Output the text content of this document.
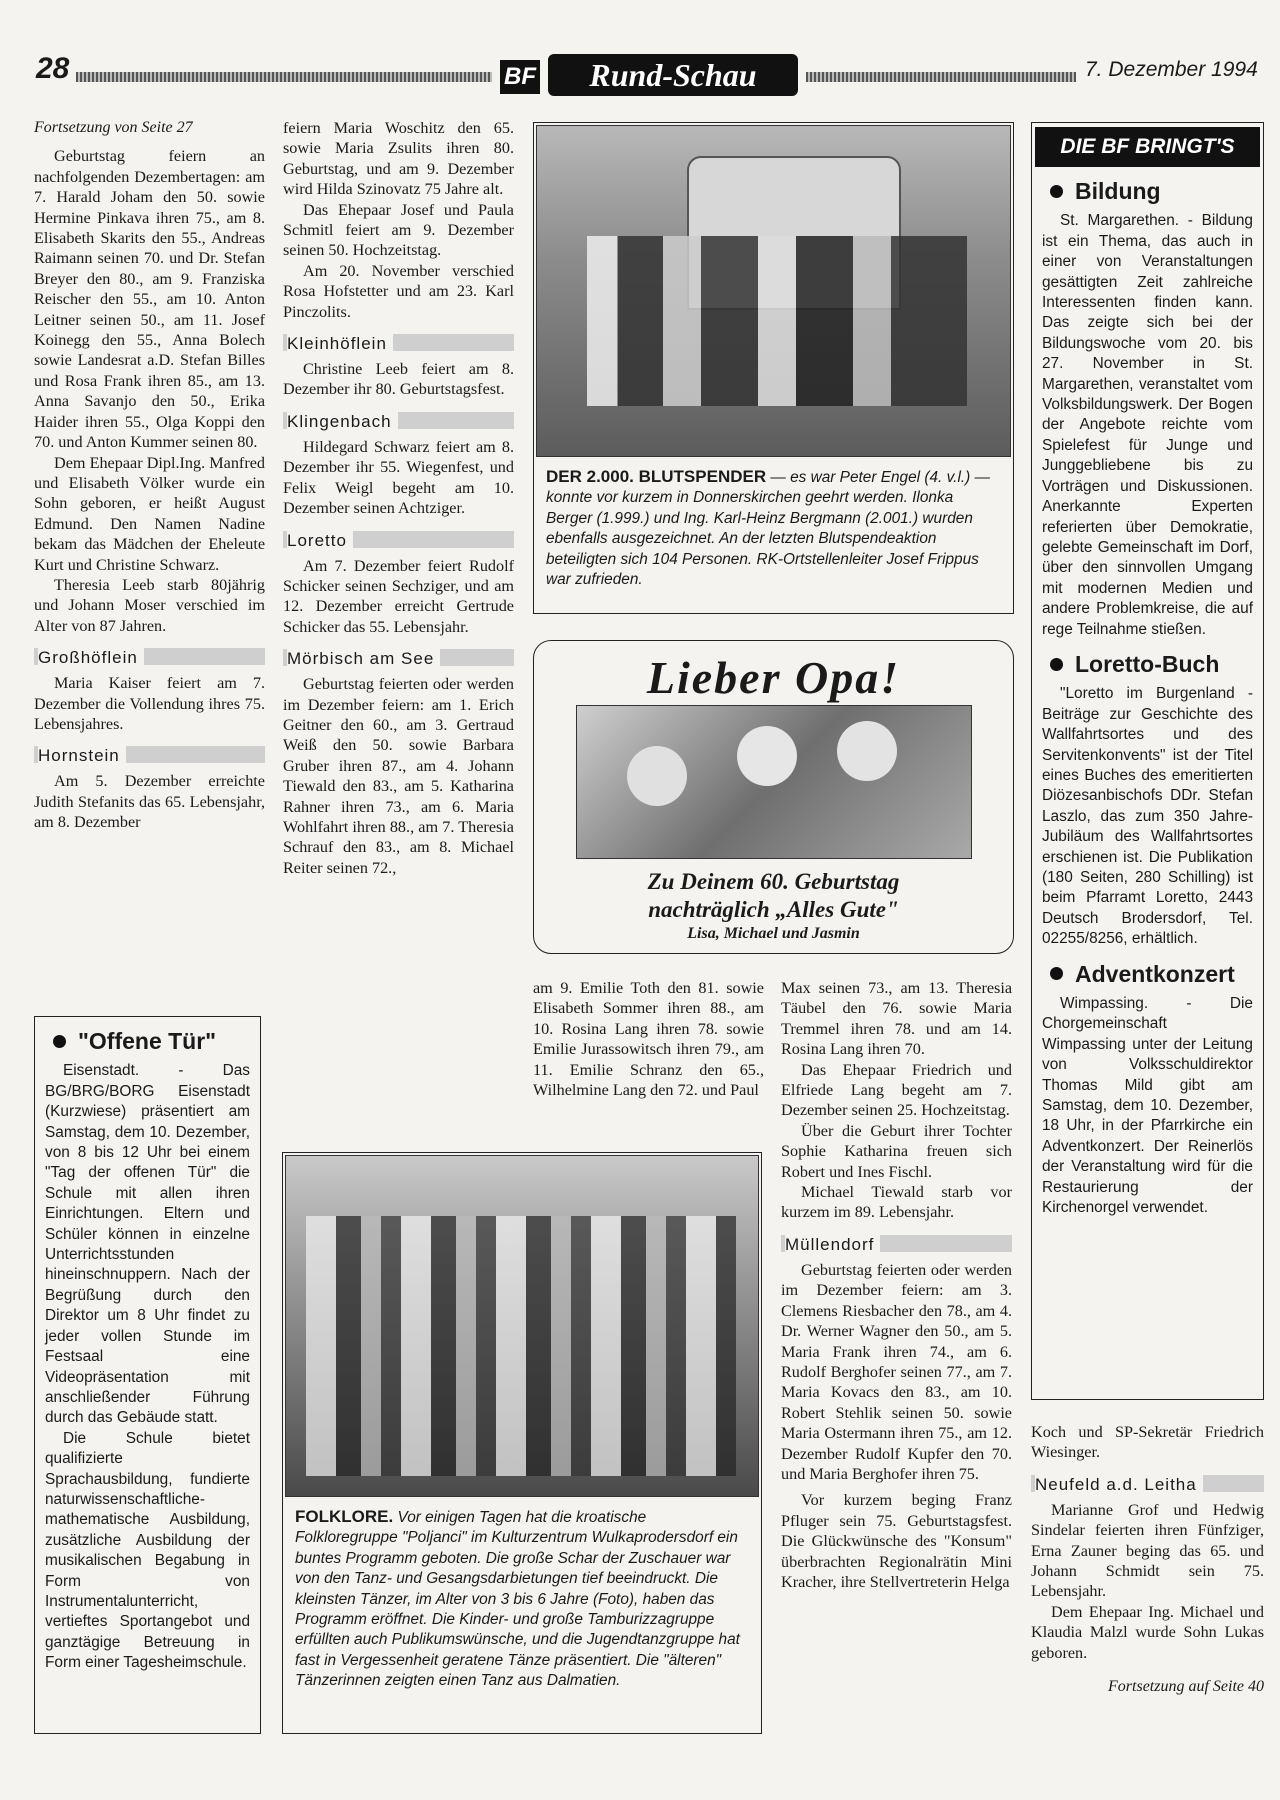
28	BF	Rund-Schau	7. Dezember 1994

Fortsetzung von Seite 27

Geburtstag feiern an nachfolgenden Dezembertagen: am 7. Harald Joham den 50. sowie Hermine Pinkava ihren 75., am 8. Elisabeth Skarits den 55., Andreas Raimann seinen 70. und Dr. Stefan Breyer den 80., am 9. Franziska Reischer den 55., am 10. Anton Leitner seinen 50., am 11. Josef Koinegg den 55., Anna Bolech sowie Landesrat a.D. Stefan Billes und Rosa Frank ihren 85., am 13. Anna Savanjo den 50., Erika Haider ihren 55., Olga Koppi den 70. und Anton Kummer seinen 80.

Dem Ehepaar Dipl.Ing. Manfred und Elisabeth Völker wurde ein Sohn geboren, er heißt August Edmund. Den Namen Nadine bekam das Mädchen der Eheleute Kurt und Christine Schwarz.

Theresia Leeb starb 80jährig und Johann Moser verschied im Alter von 87 Jahren.

Großhöflein

Maria Kaiser feiert am 7. Dezember die Vollendung ihres 75. Lebensjahres.

Hornstein

Am 5. Dezember erreichte Judith Stefanits das 65. Lebensjahr, am 8. Dezember

feiern Maria Woschitz den 65. sowie Maria Zsulits ihren 80. Geburtstag, und am 9. Dezember wird Hilda Szinovatz 75 Jahre alt.

Das Ehepaar Josef und Paula Schmitl feiert am 9. Dezember seinen 50. Hochzeitstag.

Am 20. November verschied Rosa Hofstetter und am 23. Karl Pinczolits.

Kleinhöflein

Christine Leeb feiert am 8. Dezember ihr 80. Geburtstagsfest.

Klingenbach

Hildegard Schwarz feiert am 8. Dezember ihr 55. Wiegenfest, und Felix Weigl begeht am 10. Dezember seinen Achtziger.

Loretto

Am 7. Dezember feiert Rudolf Schicker seinen Sechziger, und am 12. Dezember erreicht Gertrude Schicker das 55. Lebensjahr.

Mörbisch am See

Geburtstag feierten oder werden im Dezember feiern: am 1. Erich Geitner den 60., am 3. Gertraud Weiß den 50. sowie Barbara Gruber ihren 87., am 4. Johann Tiewald den 83., am 5. Katharina Rahner ihren 73., am 6. Maria Wohlfahrt ihren 88., am 7. Theresia Schrauf den 83., am 8. Michael Reiter seinen 72.,

DER 2.000. BLUTSPENDER — es war Peter Engel (4. v.l.) — konnte vor kurzem in Donnerskirchen geehrt werden. Ilonka Berger (1.999.) und Ing. Karl-Heinz Bergmann (2.001.) wurden ebenfalls ausgezeichnet. An der letzten Blutspendeaktion beteiligten sich 104 Personen. RK-Ortstellenleiter Josef Frippus war zufrieden.
Lieber Opa!
Zu Deinem 60. Geburtstag
nachträglich „Alles Gute"
Lisa, Michael und Jasmin

am 9. Emilie Toth den 81. sowie Elisabeth Sommer ihren 88., am 10. Rosina Lang ihren 78. sowie Emilie Jurassowitsch ihren 79., am 11. Emilie Schranz den 65., Wilhelmine Lang den 72. und Paul

Max seinen 73., am 13. Theresia Täubel den 76. sowie Maria Tremmel ihren 78. und am 14. Rosina Lang ihren 70.

Das Ehepaar Friedrich und Elfriede Lang begeht am 7. Dezember seinen 25. Hochzeitstag.

Über die Geburt ihrer Tochter Sophie Katharina freuen sich Robert und Ines Fischl.

Michael Tiewald starb vor kurzem im 89. Lebensjahr.

Müllendorf

Geburtstag feierten oder werden im Dezember feiern: am 3. Clemens Riesbacher den 78., am 4. Dr. Werner Wagner den 50., am 5. Maria Frank ihren 74., am 6. Rudolf Berghofer seinen 77., am 7. Maria Kovacs den 83., am 10. Robert Stehlik seinen 50. sowie Maria Ostermann ihren 75., am 12. Dezember Rudolf Kupfer den 70. und Maria Berghofer ihren 75.

Vor kurzem beging Franz Pfluger sein 75. Geburtstagsfest. Die Glückwünsche des "Konsum" überbrachten Regionalrätin Mini Kracher, ihre Stellvertreterin Helga

"Offene Tür"

Eisenstadt. - Das BG/BRG/BORG Eisenstadt (Kurzwiese) präsentiert am Samstag, dem 10. Dezember, von 8 bis 12 Uhr bei einem "Tag der offenen Tür" die Schule mit allen ihren Einrichtungen. Eltern und Schüler können in einzelne Unterrichtsstunden hineinschnuppern. Nach der Begrüßung durch den Direktor um 8 Uhr findet zu jeder vollen Stunde im Festsaal eine Videopräsentation mit anschließender Führung durch das Gebäude statt.

Die Schule bietet qualifizierte Sprachausbildung, fundierte naturwissenschaftliche-mathematische Ausbildung, zusätzliche Ausbildung der musikalischen Begabung in Form von Instrumentalunterricht, vertieftes Sportangebot und ganztägige Betreuung in Form einer Tagesheimschule.

FOLKLORE. Vor einigen Tagen hat die kroatische Folkloregruppe "Poljanci" im Kulturzentrum Wulkaprodersdorf ein buntes Programm geboten. Die große Schar der Zuschauer war von den Tanz- und Gesangsdarbietungen tief beeindruckt. Die kleinsten Tänzer, im Alter von 3 bis 6 Jahre (Foto), haben das Programm eröffnet. Die Kinder- und große Tamburizzagruppe erfüllten auch Publikumswünsche, und die Jugendtanzgruppe hat fast in Vergessenheit geratene Tänze präsentiert. Die "älteren" Tänzerinnen zeigten einen Tanz aus Dalmatien.
DIE BF BRINGT'S
Bildung

St. Margarethen. - Bildung ist ein Thema, das auch in einer von Veranstaltungen gesättigten Zeit zahlreiche Interessenten finden kann. Das zeigte sich bei der Bildungswoche vom 20. bis 27. November in St. Margarethen, veranstaltet vom Volksbildungswerk. Der Bogen der Angebote reichte vom Spielefest für Junge und Junggebliebene bis zu Vorträgen und Diskussionen. Anerkannte Experten referierten über Demokratie, gelebte Gemeinschaft im Dorf, über den sinnvollen Umgang mit modernen Medien und andere Problemkreise, die auf rege Teilnahme stießen.

Loretto-Buch

"Loretto im Burgenland - Beiträge zur Geschichte des Wallfahrtsortes und des Servitenkonvents" ist der Titel eines Buches des emeritierten Diözesanbischofs DDr. Stefan Laszlo, das zum 350 Jahre-Jubiläum des Wallfahrtsortes erschienen ist. Die Publikation (180 Seiten, 280 Schilling) ist beim Pfarramt Loretto, 2443 Deutsch Brodersdorf, Tel. 02255/8256, erhältlich.

Adventkonzert

Wimpassing. - Die Chorgemeinschaft Wimpassing unter der Leitung von Volksschuldirektor Thomas Mild gibt am Samstag, dem 10. Dezember, 18 Uhr, in der Pfarrkirche ein Adventkonzert. Der Reinerlös der Veranstaltung wird für die Restaurierung der Kirchenorgel verwendet.

Koch und SP-Sekretär Friedrich Wiesinger.

Neufeld a.d. Leitha

Marianne Grof und Hedwig Sindelar feierten ihren Fünfziger, Erna Zauner beging das 65. und Johann Schmidt sein 75. Lebensjahr.

Dem Ehepaar Ing. Michael und Klaudia Malzl wurde Sohn Lukas geboren.

Fortsetzung auf Seite 40
